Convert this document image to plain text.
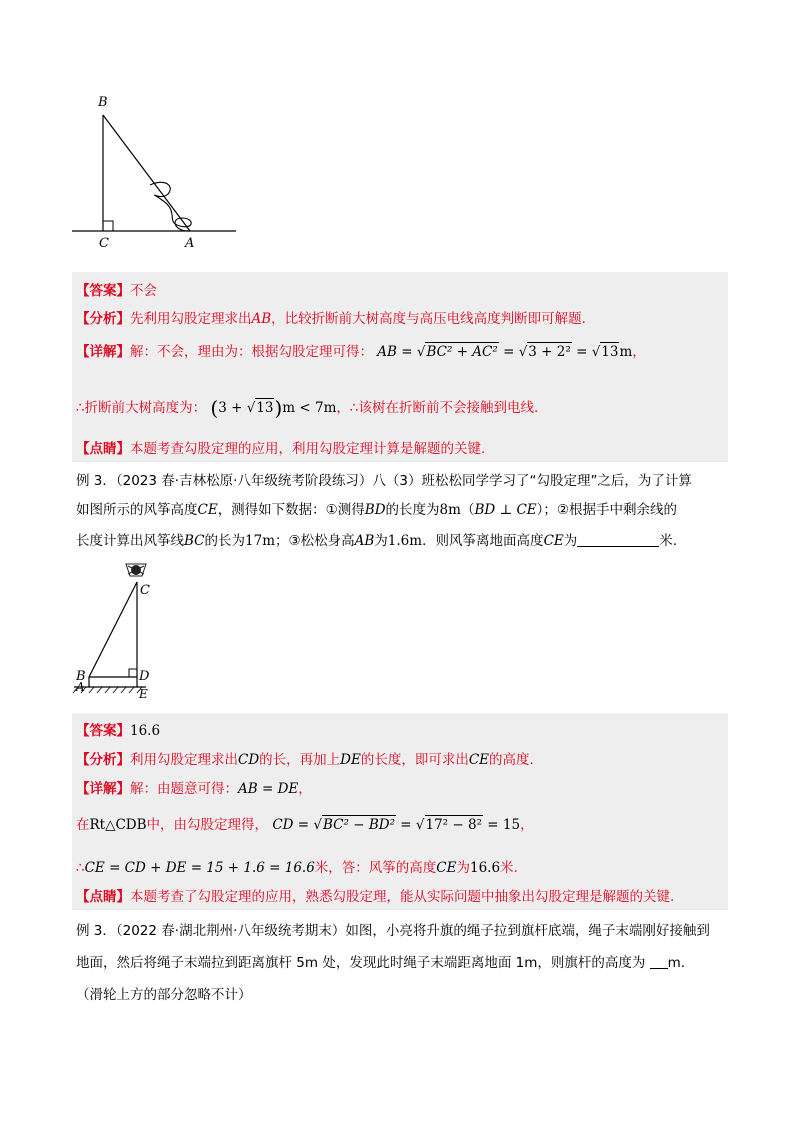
B
C	A
【答案】不会
【分析】先利用勾股定理求出AB，比较折断前大树高度与高压电线高度判断即可解题.
【详解】解：不会，理由为：根据勾股定理可得： AB = √BC² + AC² = √3 + 2² = √13m，
∴折断前大树高度为： (3 + √13)m < 7m，∴该树在折断前不会接触到电线.
【点睛】本题考查勾股定理的应用，利用勾股定理计算是解题的关键.
例 3．（2023 春·吉林松原·八年级统考阶段练习）八（3）班松松同学学习了“勾股定理”之后，为了计算
如图所示的风筝高度CE，测得如下数据：①测得BD的长度为8m（BD ⊥ CE）；②根据手中剩余线的
长度计算出风筝线BC的长为17m；③松松身高AB为1.6m．则风筝离地面高度CE为	米.
C
B	D
A	E
【答案】16.6
【分析】利用勾股定理求出CD的长，再加上DE的长度，即可求出CE的高度.
【详解】解：由题意可得：AB = DE，
在Rt△CDB中，由勾股定理得， CD = √BC² − BD² = √17² − 8² = 15，
∴CE = CD + DE = 15 + 1.6 = 16.6米，答：风筝的高度CE为16.6米.
【点睛】本题考查了勾股定理的应用，熟悉勾股定理，能从实际问题中抽象出勾股定理是解题的关键.
例 3．（2022 春·湖北荆州·八年级统考期末）如图，小亮将升旗的绳子拉到旗杆底端，绳子末端刚好接触到
地面，然后将绳子末端拉到距离旗杆 5m 处，发现此时绳子末端距离地面 1m，则旗杆的高度为 m.
（滑轮上方的部分忽略不计）
